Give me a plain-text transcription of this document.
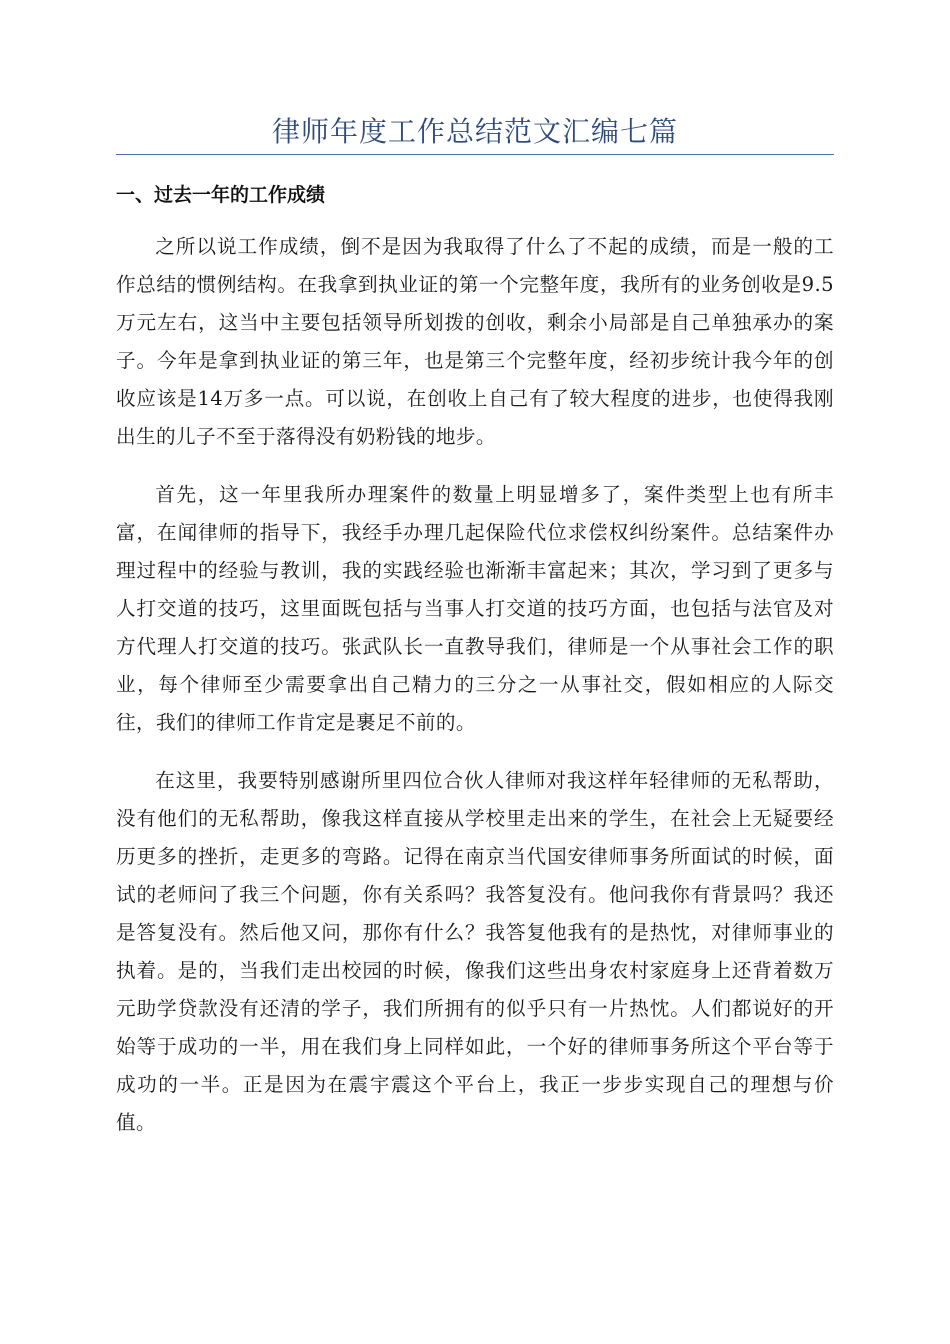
律师年度工作总结范文汇编七篇
一、过去一年的工作成绩

之所以说工作成绩，倒不是因为我取得了什么了不起的成绩，而是一般的工作总结的惯例结构。在我拿到执业证的第一个完整年度，我所有的业务创收是9.5万元左右，这当中主要包括领导所划拨的创收，剩余小局部是自己单独承办的案子。今年是拿到执业证的第三年，也是第三个完整年度，经初步统计我今年的创收应该是14万多一点。可以说，在创收上自己有了较大程度的进步，也使得我刚出生的儿子不至于落得没有奶粉钱的地步。

首先，这一年里我所办理案件的数量上明显增多了，案件类型上也有所丰富，在闻律师的指导下，我经手办理几起保险代位求偿权纠纷案件。总结案件办理过程中的经验与教训，我的实践经验也渐渐丰富起来；其次，学习到了更多与人打交道的技巧，这里面既包括与当事人打交道的技巧方面，也包括与法官及对方代理人打交道的技巧。张武队长一直教导我们，律师是一个从事社会工作的职业，每个律师至少需要拿出自己精力的三分之一从事社交，假如相应的人际交往，我们的律师工作肯定是裹足不前的。

在这里，我要特别感谢所里四位合伙人律师对我这样年轻律师的无私帮助，没有他们的无私帮助，像我这样直接从学校里走出来的学生，在社会上无疑要经历更多的挫折，走更多的弯路。记得在南京当代国安律师事务所面试的时候，面试的老师问了我三个问题，你有关系吗？我答复没有。他问我你有背景吗？我还是答复没有。然后他又问，那你有什么？我答复他我有的是热忱，对律师事业的执着。是的，当我们走出校园的时候，像我们这些出身农村家庭身上还背着数万元助学贷款没有还清的学子，我们所拥有的似乎只有一片热忱。人们都说好的开始等于成功的一半，用在我们身上同样如此，一个好的律师事务所这个平台等于成功的一半。正是因为在震宇震这个平台上，我正一步步实现自己的理想与价值。
